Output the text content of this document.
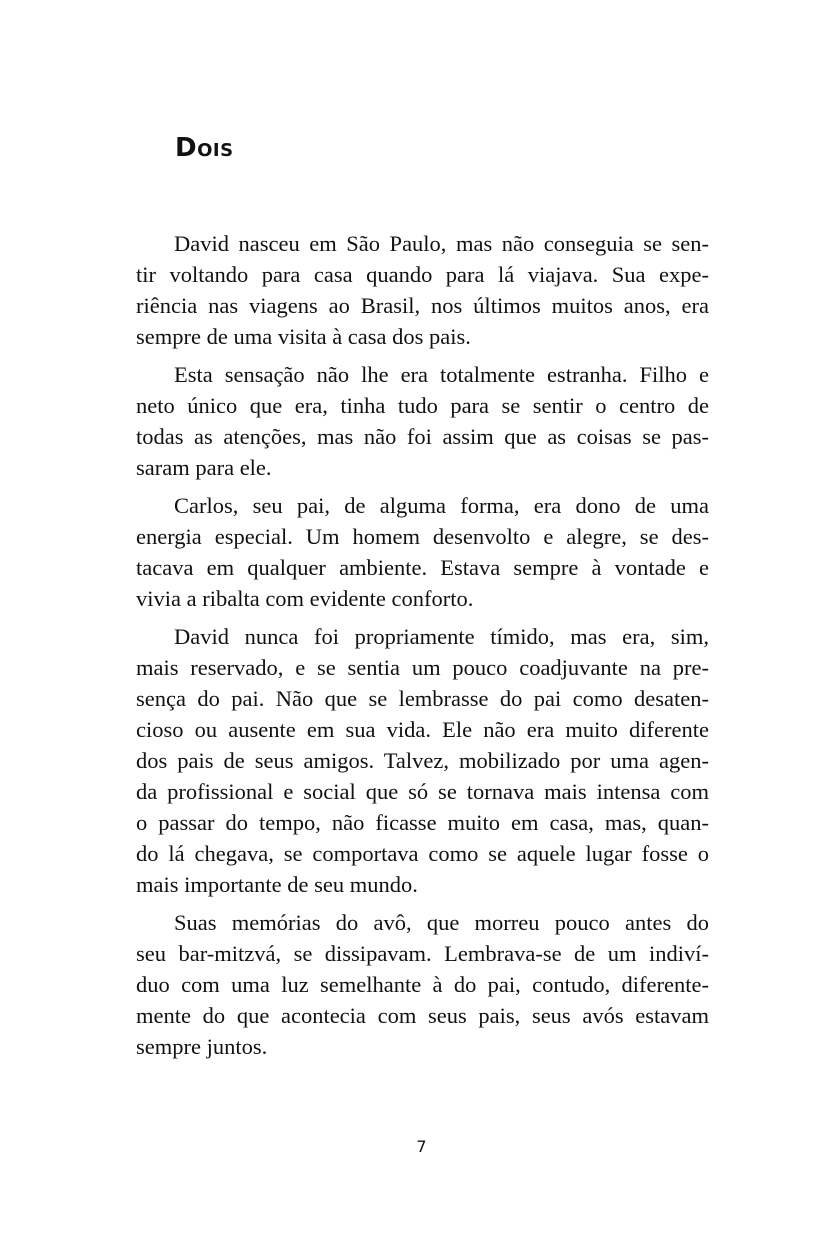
Dois
David nasceu em São Paulo, mas não conseguia se sen-
tir voltando para casa quando para lá viajava. Sua expe-
riência nas viagens ao Brasil, nos últimos muitos anos, era
sempre de uma visita à casa dos pais.
Esta sensação não lhe era totalmente estranha. Filho e
neto único que era, tinha tudo para se sentir o centro de
todas as atenções, mas não foi assim que as coisas se pas-
saram para ele.
Carlos, seu pai, de alguma forma, era dono de uma
energia especial. Um homem desenvolto e alegre, se des-
tacava em qualquer ambiente. Estava sempre à vontade e
vivia a ribalta com evidente conforto.
David nunca foi propriamente tímido, mas era, sim,
mais reservado, e se sentia um pouco coadjuvante na pre-
sença do pai. Não que se lembrasse do pai como desaten-
cioso ou ausente em sua vida. Ele não era muito diferente
dos pais de seus amigos. Talvez, mobilizado por uma agen-
da profissional e social que só se tornava mais intensa com
o passar do tempo, não ficasse muito em casa, mas, quan-
do lá chegava, se comportava como se aquele lugar fosse o
mais importante de seu mundo.
Suas memórias do avô, que morreu pouco antes do
seu bar-mitzvá, se dissipavam. Lembrava-se de um indiví-
duo com uma luz semelhante à do pai, contudo, diferente-
mente do que acontecia com seus pais, seus avós estavam
sempre juntos.
7
